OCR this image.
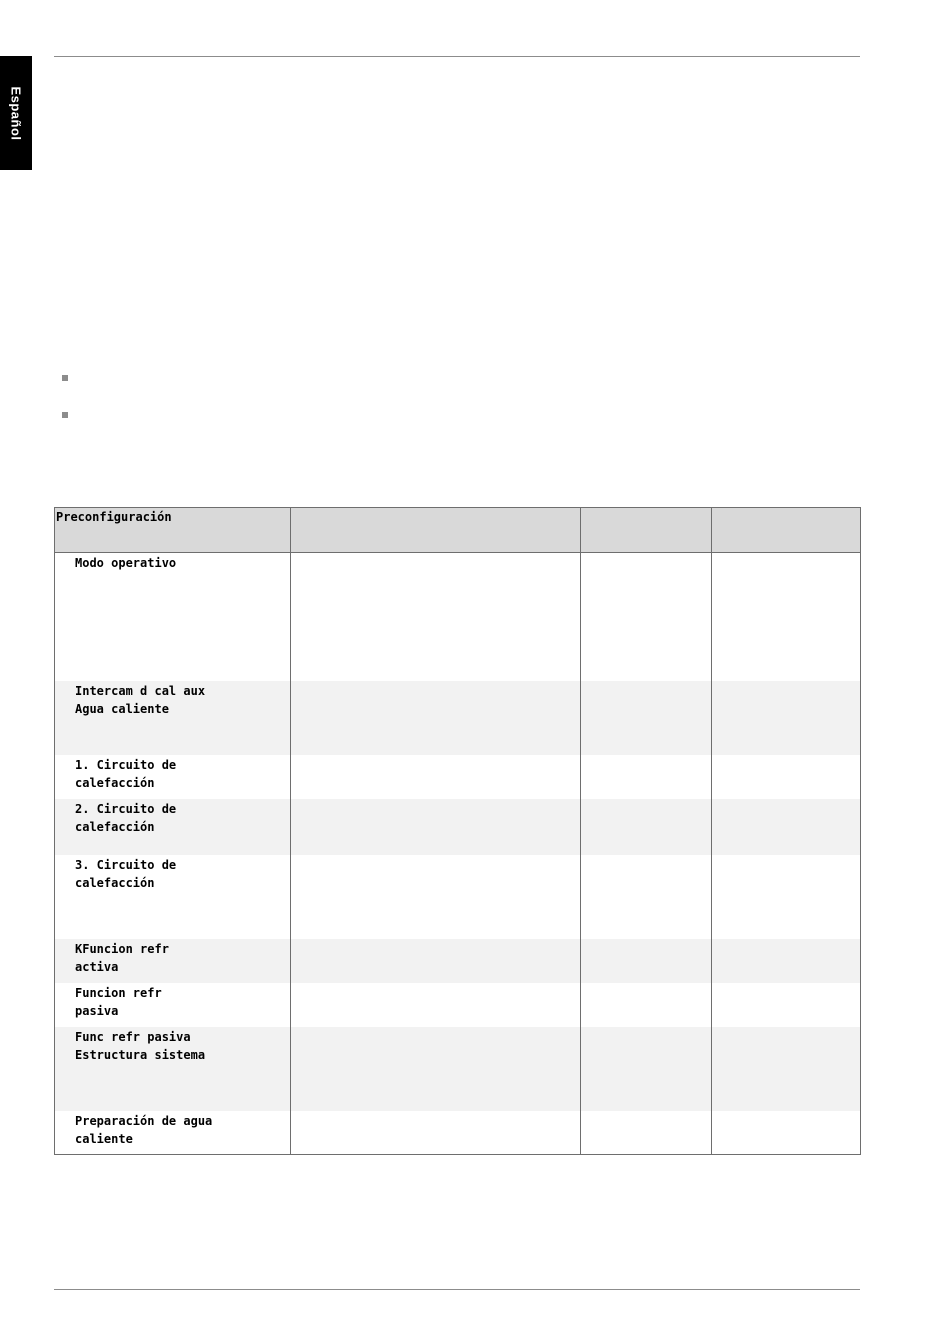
Español
Preconfiguración			

Modo operativo			

Intercam d cal aux
Agua caliente			

1. Circuito de
calefacción			

2. Circuito de
calefacción			

3. Circuito de
calefacción			

KFuncion refr
activa			

Funcion refr
pasiva			

Func refr pasiva
Estructura sistema			

Preparación de agua
caliente			
